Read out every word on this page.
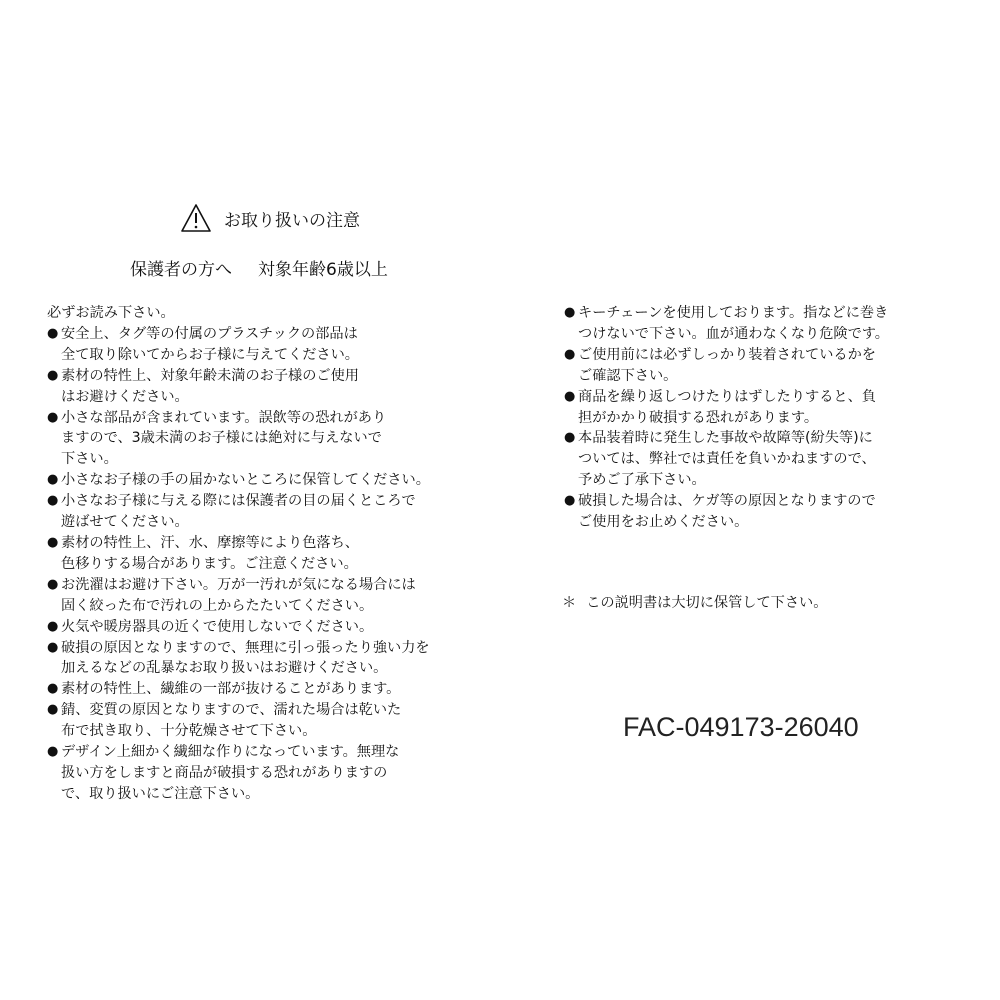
お取り扱いの注意
保護者の方へ 対象年齢6歳以上
必ずお読み下さい。
● 安全上、タグ等の付属のプラスチックの部品は
全て取り除いてからお子様に与えてください。
● 素材の特性上、対象年齢未満のお子様のご使用
はお避けください。
● 小さな部品が含まれています。誤飲等の恐れがあり
ますので、3歳未満のお子様には絶対に与えないで
下さい。
● 小さなお子様の手の届かないところに保管してください。
● 小さなお子様に与える際には保護者の目の届くところで
遊ばせてください。
● 素材の特性上、汗、水、摩擦等により色落ち、
色移りする場合があります。ご注意ください。
● お洗濯はお避け下さい。万が一汚れが気になる場合には
固く絞った布で汚れの上からたたいてください。
● 火気や暖房器具の近くで使用しないでください。
● 破損の原因となりますので、無理に引っ張ったり強い力を
加えるなどの乱暴なお取り扱いはお避けください。
● 素材の特性上、繊維の一部が抜けることがあります。
● 錆、変質の原因となりますので、濡れた場合は乾いた
布で拭き取り、十分乾燥させて下さい。
● デザイン上細かく繊細な作りになっています。無理な
扱い方をしますと商品が破損する恐れがありますの
で、取り扱いにご注意下さい。
● キーチェーンを使用しております。指などに巻き
つけないで下さい。血が通わなくなり危険です。
● ご使用前には必ずしっかり装着されているかを
ご確認下さい。
● 商品を繰り返しつけたりはずしたりすると、負
担がかかり破損する恐れがあります。
● 本品装着時に発生した事故や故障等(紛失等)に
ついては、弊社では責任を負いかねますので、
予めご了承下さい。
● 破損した場合は、ケガ等の原因となりますので
ご使用をお止めください。
＊ この説明書は大切に保管して下さい。
FAC-049173-26040
